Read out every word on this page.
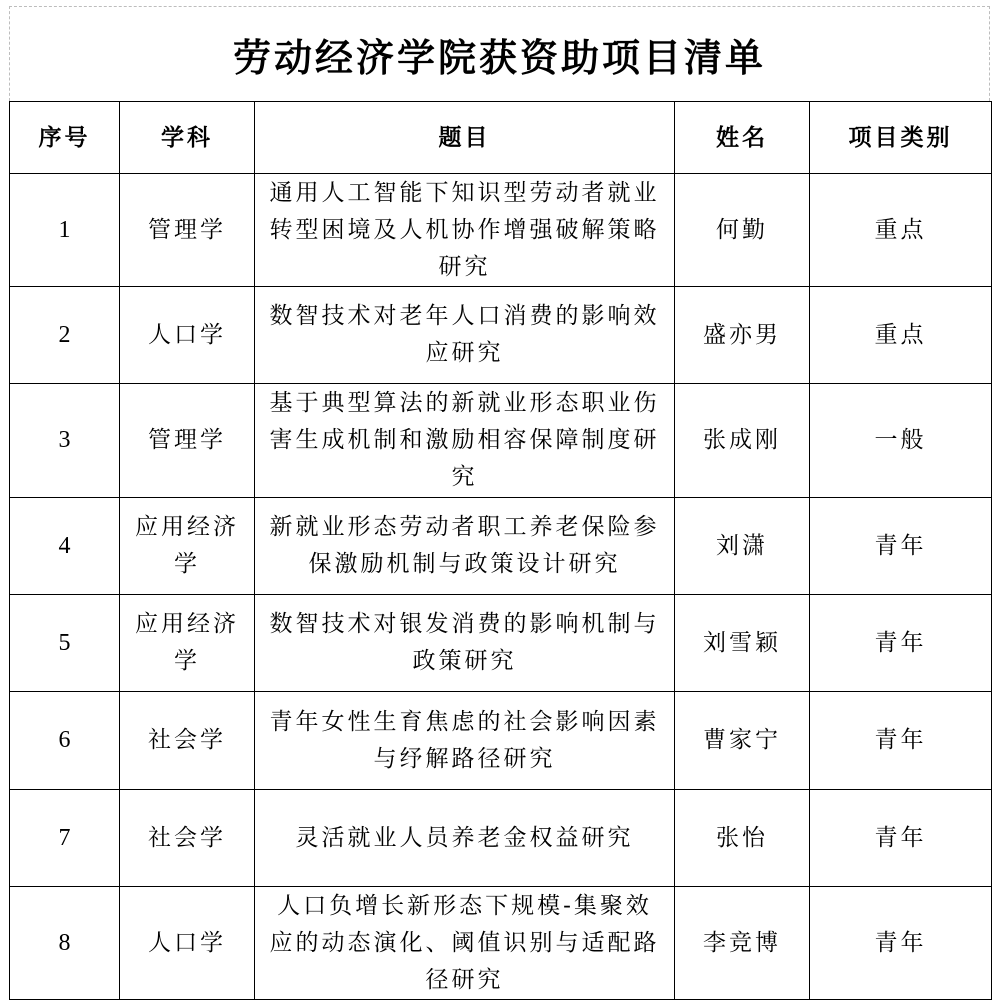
劳动经济学院获资助项目清单
序号	学科	题目	姓名	项目类别
1	管理学	通用人工智能下知识型劳动者就业转型困境及人机协作增强破解策略研究	何勤	重点
2	人口学	数智技术对老年人口消费的影响效应研究	盛亦男	重点
3	管理学	基于典型算法的新就业形态职业伤害生成机制和激励相容保障制度研究	张成刚	一般
4	应用经济学	新就业形态劳动者职工养老保险参保激励机制与政策设计研究	刘潇	青年
5	应用经济学	数智技术对银发消费的影响机制与政策研究	刘雪颖	青年
6	社会学	青年女性生育焦虑的社会影响因素与纾解路径研究	曹家宁	青年
7	社会学	灵活就业人员养老金权益研究	张怡	青年
8	人口学	人口负增长新形态下规模-集聚效应的动态演化、阈值识别与适配路径研究	李竞博	青年
